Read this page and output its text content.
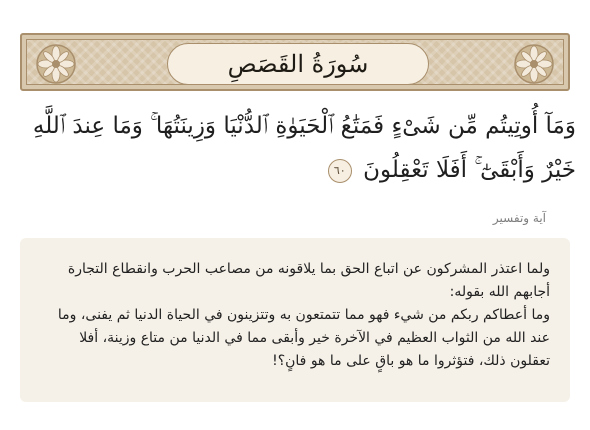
سُورَةُ القَصَصِ
وَمَآ أُوتِيتُم مِّن شَىْءٍ فَمَتَٰعُ ٱلْحَيَوٰةِ ٱلدُّنْيَا وَزِينَتُهَا ۚ وَمَا عِندَ ٱللَّهِ خَيْرٌ وَأَبْقَىٰٓ ۚ أَفَلَا تَعْقِلُونَ ٦٠
آية وتفسير

ولما اعتذر المشركون عن اتباع الحق بما يلاقونه من مصاعب الحرب وانقطاع التجارة أجابهم الله بقوله:

وما أعطاكم ربكم من شيء فهو مما تتمتعون به وتتزينون في الحياة الدنيا ثم يفنى، وما عند الله من الثواب العظيم في الآخرة خير وأبقى مما في الدنيا من متاع وزينة، أفلا تعقلون ذلك، فتؤثروا ما هو باقٍ على ما هو فانٍ؟!
